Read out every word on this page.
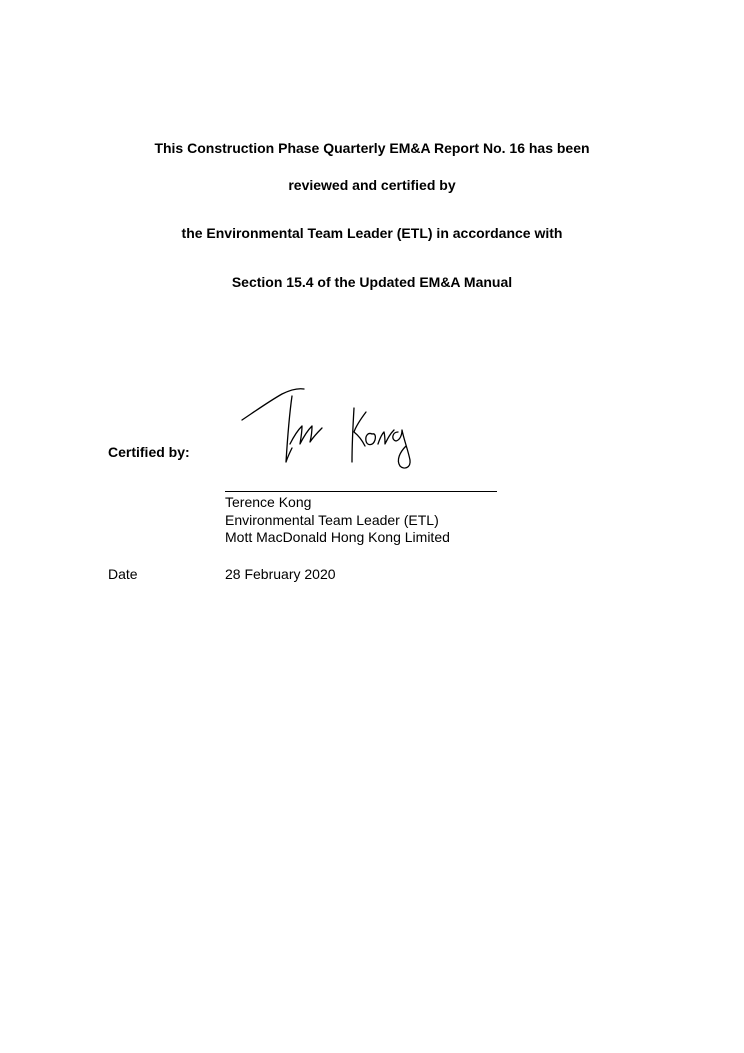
This Construction Phase Quarterly EM&A Report No. 16 has been
reviewed and certified by
the Environmental Team Leader (ETL) in accordance with
Section 15.4 of the Updated EM&A Manual
Certified by:
Terence Kong
Environmental Team Leader (ETL)
Mott MacDonald Hong Kong Limited
Date	28 February 2020
